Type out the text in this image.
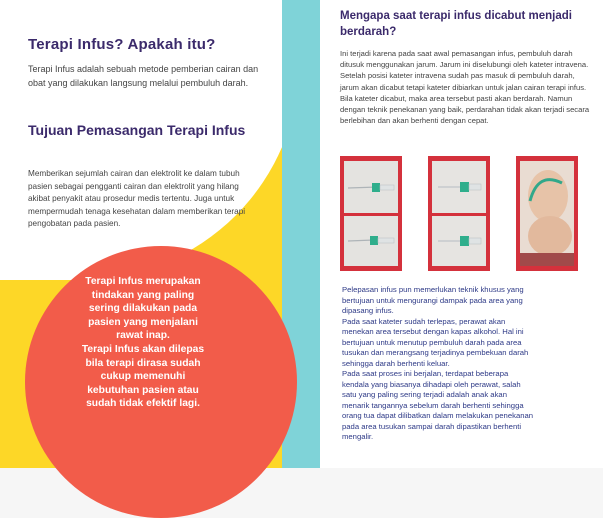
Terapi Infus? Apakah itu?

Terapi Infus adalah sebuah metode pemberian cairan dan obat yang dilakukan langsung melalui pembuluh darah.

Tujuan Pemasangan Terapi Infus

Memberikan sejumlah cairan dan elektrolit ke dalam tubuh pasien sebagai pengganti cairan dan elektrolit yang hilang akibat penyakit atau prosedur medis tertentu. Juga untuk mempermudah tenaga kesehatan dalam memberikan terapi pengobatan pada pasien.

Terapi Infus merupakan
tindakan yang paling
sering dilakukan pada
pasien yang menjalani
rawat inap.
Terapi Infus akan dilepas
bila terapi dirasa sudah
cukup memenuhi
kebutuhan pasien atau
sudah tidak efektif lagi.
Mengapa saat terapi infus dicabut menjadi berdarah?

Ini terjadi karena pada saat awal pemasangan infus, pembuluh darah ditusuk menggunakan jarum. Jarum ini diselubungi oleh kateter intravena. Setelah posisi kateter intravena sudah pas masuk di pembuluh darah, jarum akan dicabut tetapi kateter dibiarkan untuk jalan cairan terapi infus. Bila kateter dicabut, maka area tersebut pasti akan berdarah. Namun dengan teknik penekanan yang baik, perdarahan tidak akan terjadi secara berlebihan dan akan berhenti dengan cepat.

Pelepasan infus pun memerlukan teknik khusus yang
bertujuan untuk mengurangi dampak pada area yang
dipasang infus.
Pada saat kateter sudah terlepas, perawat akan
menekan area tersebut dengan kapas alkohol. Hal ini
bertujuan untuk menutup pembuluh darah pada area
tusukan dan merangsang terjadinya pembekuan darah
sehingga darah berhenti keluar.
Pada saat proses ini berjalan, terdapat beberapa
kendala yang biasanya dihadapi oleh perawat, salah
satu yang paling sering terjadi adalah anak akan
menarik tangannya sebelum darah berhenti sehingga
orang tua dapat dilibatkan dalam melakukan penekanan
pada area tusukan sampai darah dipastikan berhenti
mengalir.
